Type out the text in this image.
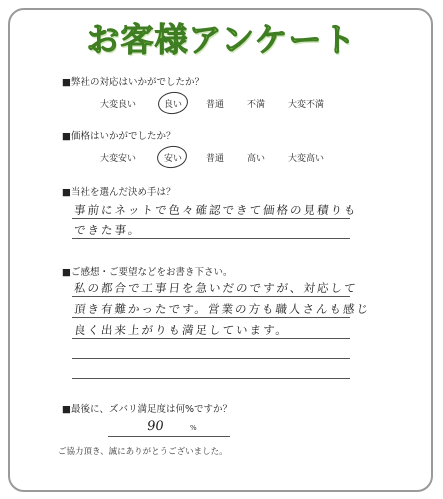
お客様アンケート
■弊社の対応はいかがでしたか？
大変良い	良い	普通	不満	大変不満
■価格はいかがでしたか？
大変安い	安い	普通	高い	大変高い
■当社を選んだ決め手は？
事前にネットで色々確認できて価格の見積りも
できた事。
■ご感想・ご要望などをお書き下さい。
私の都合で工事日を急いだのですが、対応して
頂き有難かったです。営業の方も職人さんも感じ
良く出来上がりも満足しています。
■最後に、ズバリ満足度は何%ですか？
90	%
ご協力頂き、誠にありがとうございました。
